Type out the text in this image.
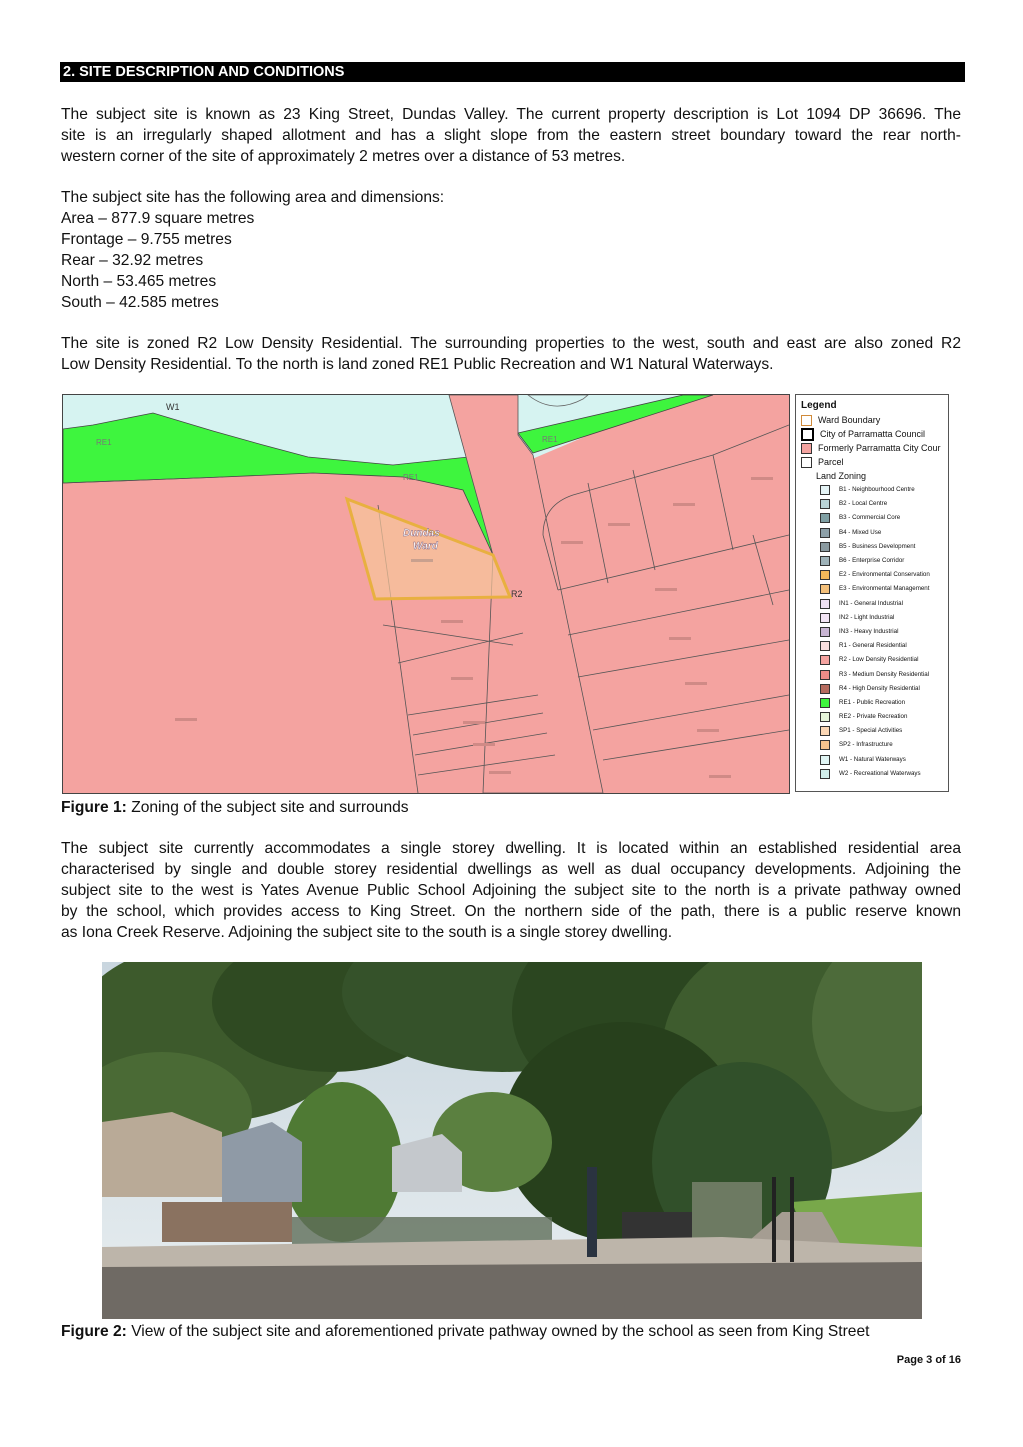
2. SITE DESCRIPTION AND CONDITIONS

The subject site is known as 23 King Street, Dundas Valley. The current property description is Lot 1094 DP 36696. The
site is an irregularly shaped allotment and has a slight slope from the eastern street boundary toward the rear north-
western corner of the site of approximately 2 metres over a distance of 53 metres.

The subject site has the following area and dimensions:
Area – 877.9 square metres
Frontage – 9.755 metres
Rear – 32.92 metres
North – 53.465 metres
South – 42.585 metres

The site is zoned R2 Low Density Residential. The surrounding properties to the west, south and east are also zoned R2
Low Density Residential. To the north is land zoned RE1 Public Recreation and W1 Natural Waterways.

W1
RE1
RE1
RE1
R2
Dundas
Ward
Legend
Ward Boundary
City of Parramatta Council
Formerly Parramatta City Cour
Parcel
Land Zoning
B1 - Neighbourhood Centre
B2 - Local Centre
B3 - Commercial Core
B4 - Mixed Use
B5 - Business Development
B6 - Enterprise Corridor
E2 - Environmental Conservation
E3 - Environmental Management
IN1 - General Industrial
IN2 - Light Industrial
IN3 - Heavy Industrial
R1 - General Residential
R2 - Low Density Residential
R3 - Medium Density Residential
R4 - High Density Residential
RE1 - Public Recreation
RE2 - Private Recreation
SP1 - Special Activities
SP2 - Infrastructure
W1 - Natural Waterways
W2 - Recreational Waterways
Figure 1: Zoning of the subject site and surrounds

The subject site currently accommodates a single storey dwelling. It is located within an established residential area
characterised by single and double storey residential dwellings as well as dual occupancy developments. Adjoining the
subject site to the west is Yates Avenue Public School Adjoining the subject site to the north is a private pathway owned
by the school, which provides access to King Street. On the northern side of the path, there is a public reserve known
as Iona Creek Reserve. Adjoining the subject site to the south is a single storey dwelling.

Figure 2: View of the subject site and aforementioned private pathway owned by the school as seen from King Street
Page 3 of 16
